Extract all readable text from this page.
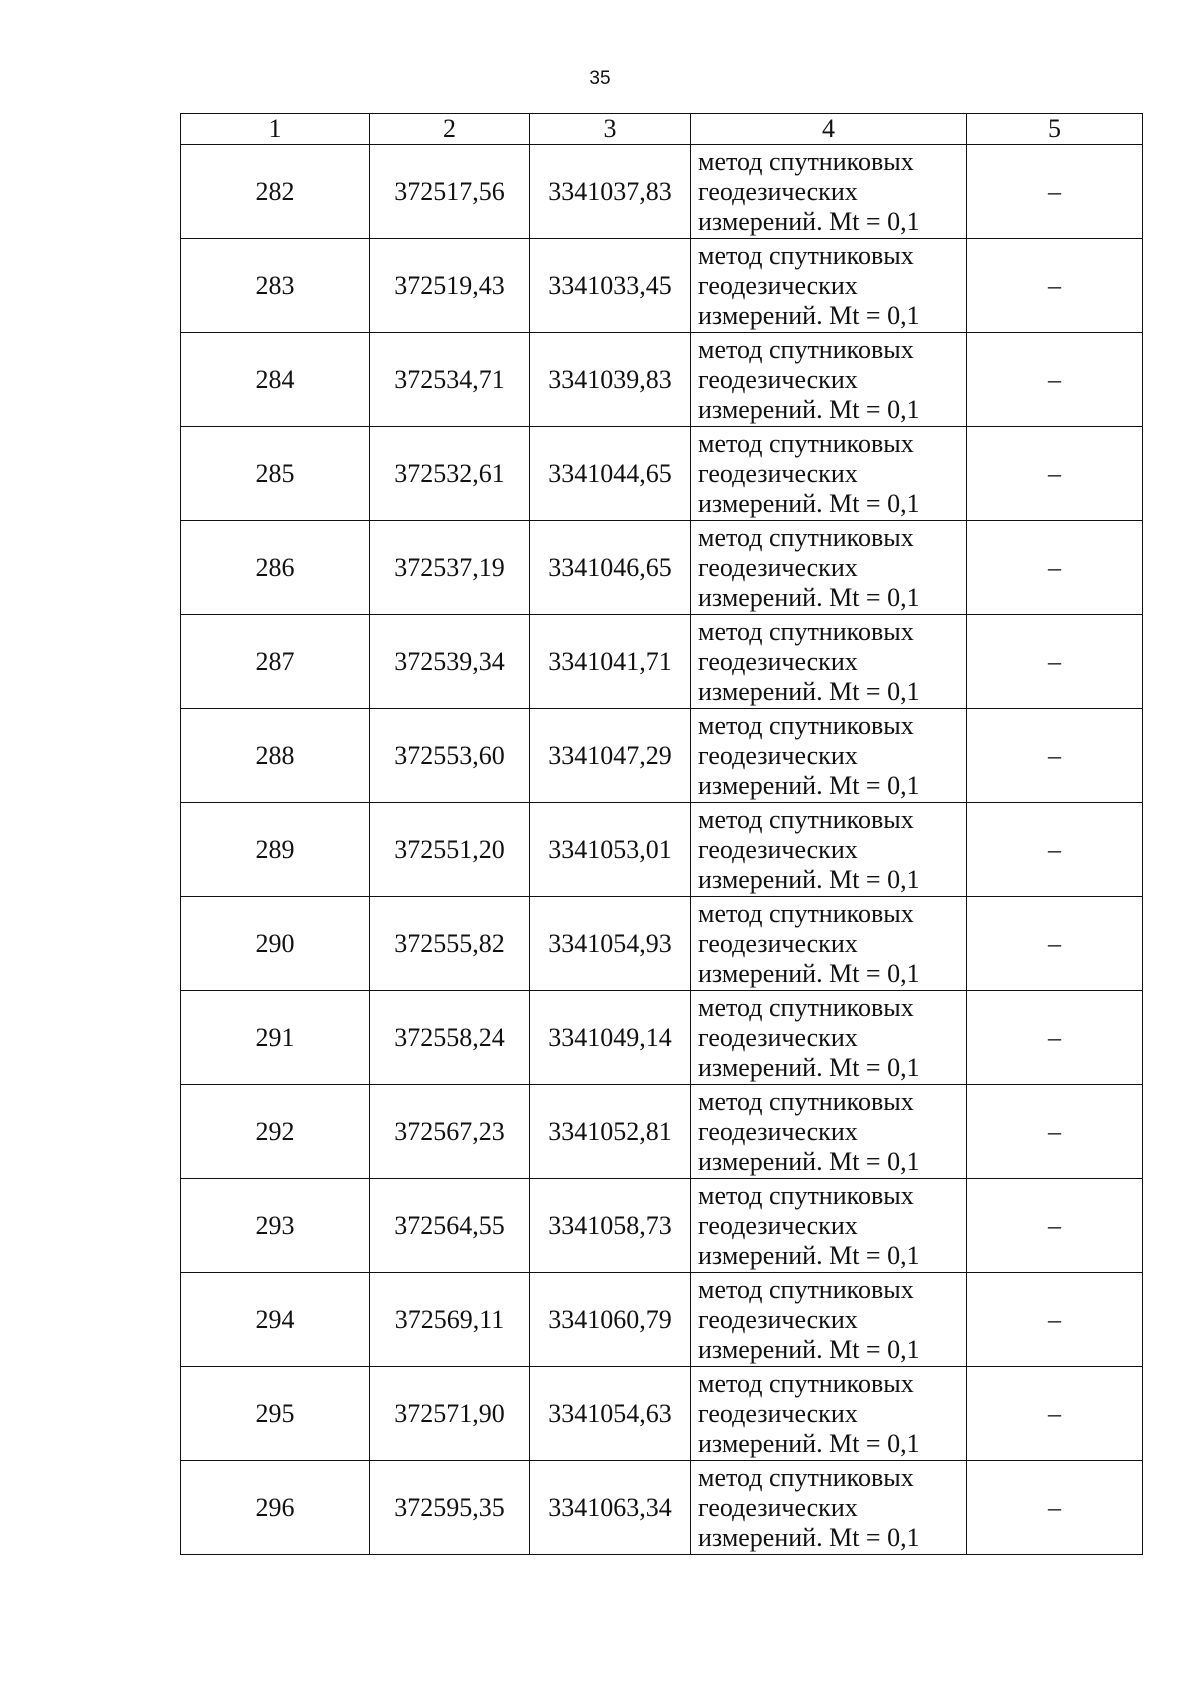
35
1	2	3	4	5
282	372517,56	3341037,83	метод спутниковых
геодезических
измерений. Mt = 0,1	–
283	372519,43	3341033,45	метод спутниковых
геодезических
измерений. Mt = 0,1	–
284	372534,71	3341039,83	метод спутниковых
геодезических
измерений. Mt = 0,1	–
285	372532,61	3341044,65	метод спутниковых
геодезических
измерений. Mt = 0,1	–
286	372537,19	3341046,65	метод спутниковых
геодезических
измерений. Mt = 0,1	–
287	372539,34	3341041,71	метод спутниковых
геодезических
измерений. Mt = 0,1	–
288	372553,60	3341047,29	метод спутниковых
геодезических
измерений. Mt = 0,1	–
289	372551,20	3341053,01	метод спутниковых
геодезических
измерений. Mt = 0,1	–
290	372555,82	3341054,93	метод спутниковых
геодезических
измерений. Mt = 0,1	–
291	372558,24	3341049,14	метод спутниковых
геодезических
измерений. Mt = 0,1	–
292	372567,23	3341052,81	метод спутниковых
геодезических
измерений. Mt = 0,1	–
293	372564,55	3341058,73	метод спутниковых
геодезических
измерений. Mt = 0,1	–
294	372569,11	3341060,79	метод спутниковых
геодезических
измерений. Mt = 0,1	–
295	372571,90	3341054,63	метод спутниковых
геодезических
измерений. Mt = 0,1	–
296	372595,35	3341063,34	метод спутниковых
геодезических
измерений. Mt = 0,1	–
